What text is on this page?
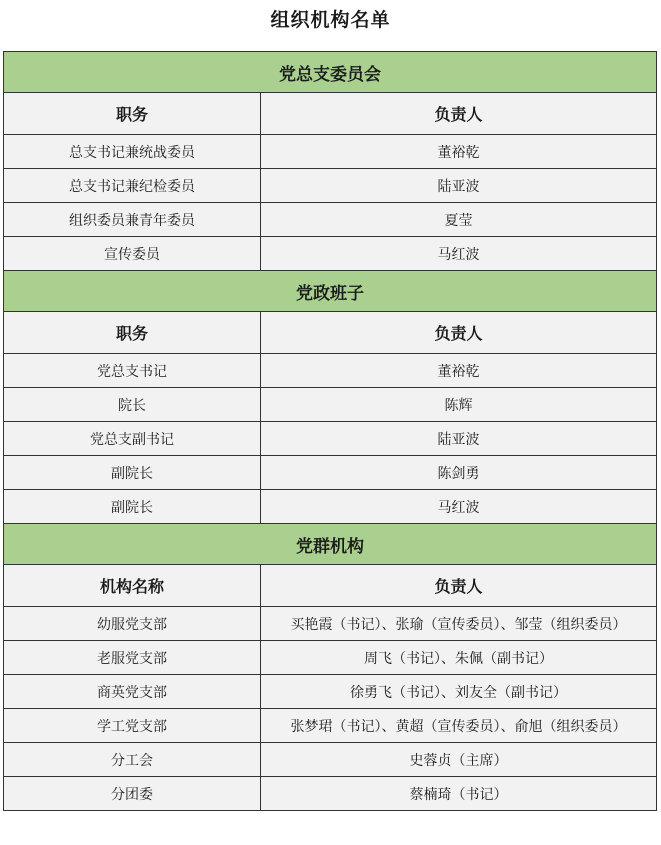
组织机构名单
党总支委员会	
职务	负责人
总支书记兼统战委员	董裕乾
总支书记兼纪检委员	陆亚波
组织委员兼青年委员	夏莹
宣传委员	马红波
党政班子	
职务	负责人
党总支书记	董裕乾
院长	陈辉
党总支副书记	陆亚波
副院长	陈剑勇
副院长	马红波
党群机构	
机构名称	负责人
幼服党支部	买艳霞（书记）、张瑜（宣传委员）、邹莹（组织委员）
老服党支部	周飞（书记）、朱佩（副书记）
商英党支部	徐勇飞（书记）、刘友全（副书记）
学工党支部	张梦珺（书记）、黄超（宣传委员）、俞旭（组织委员）
分工会	史蓉贞（主席）
分团委	蔡楠琦（书记）
